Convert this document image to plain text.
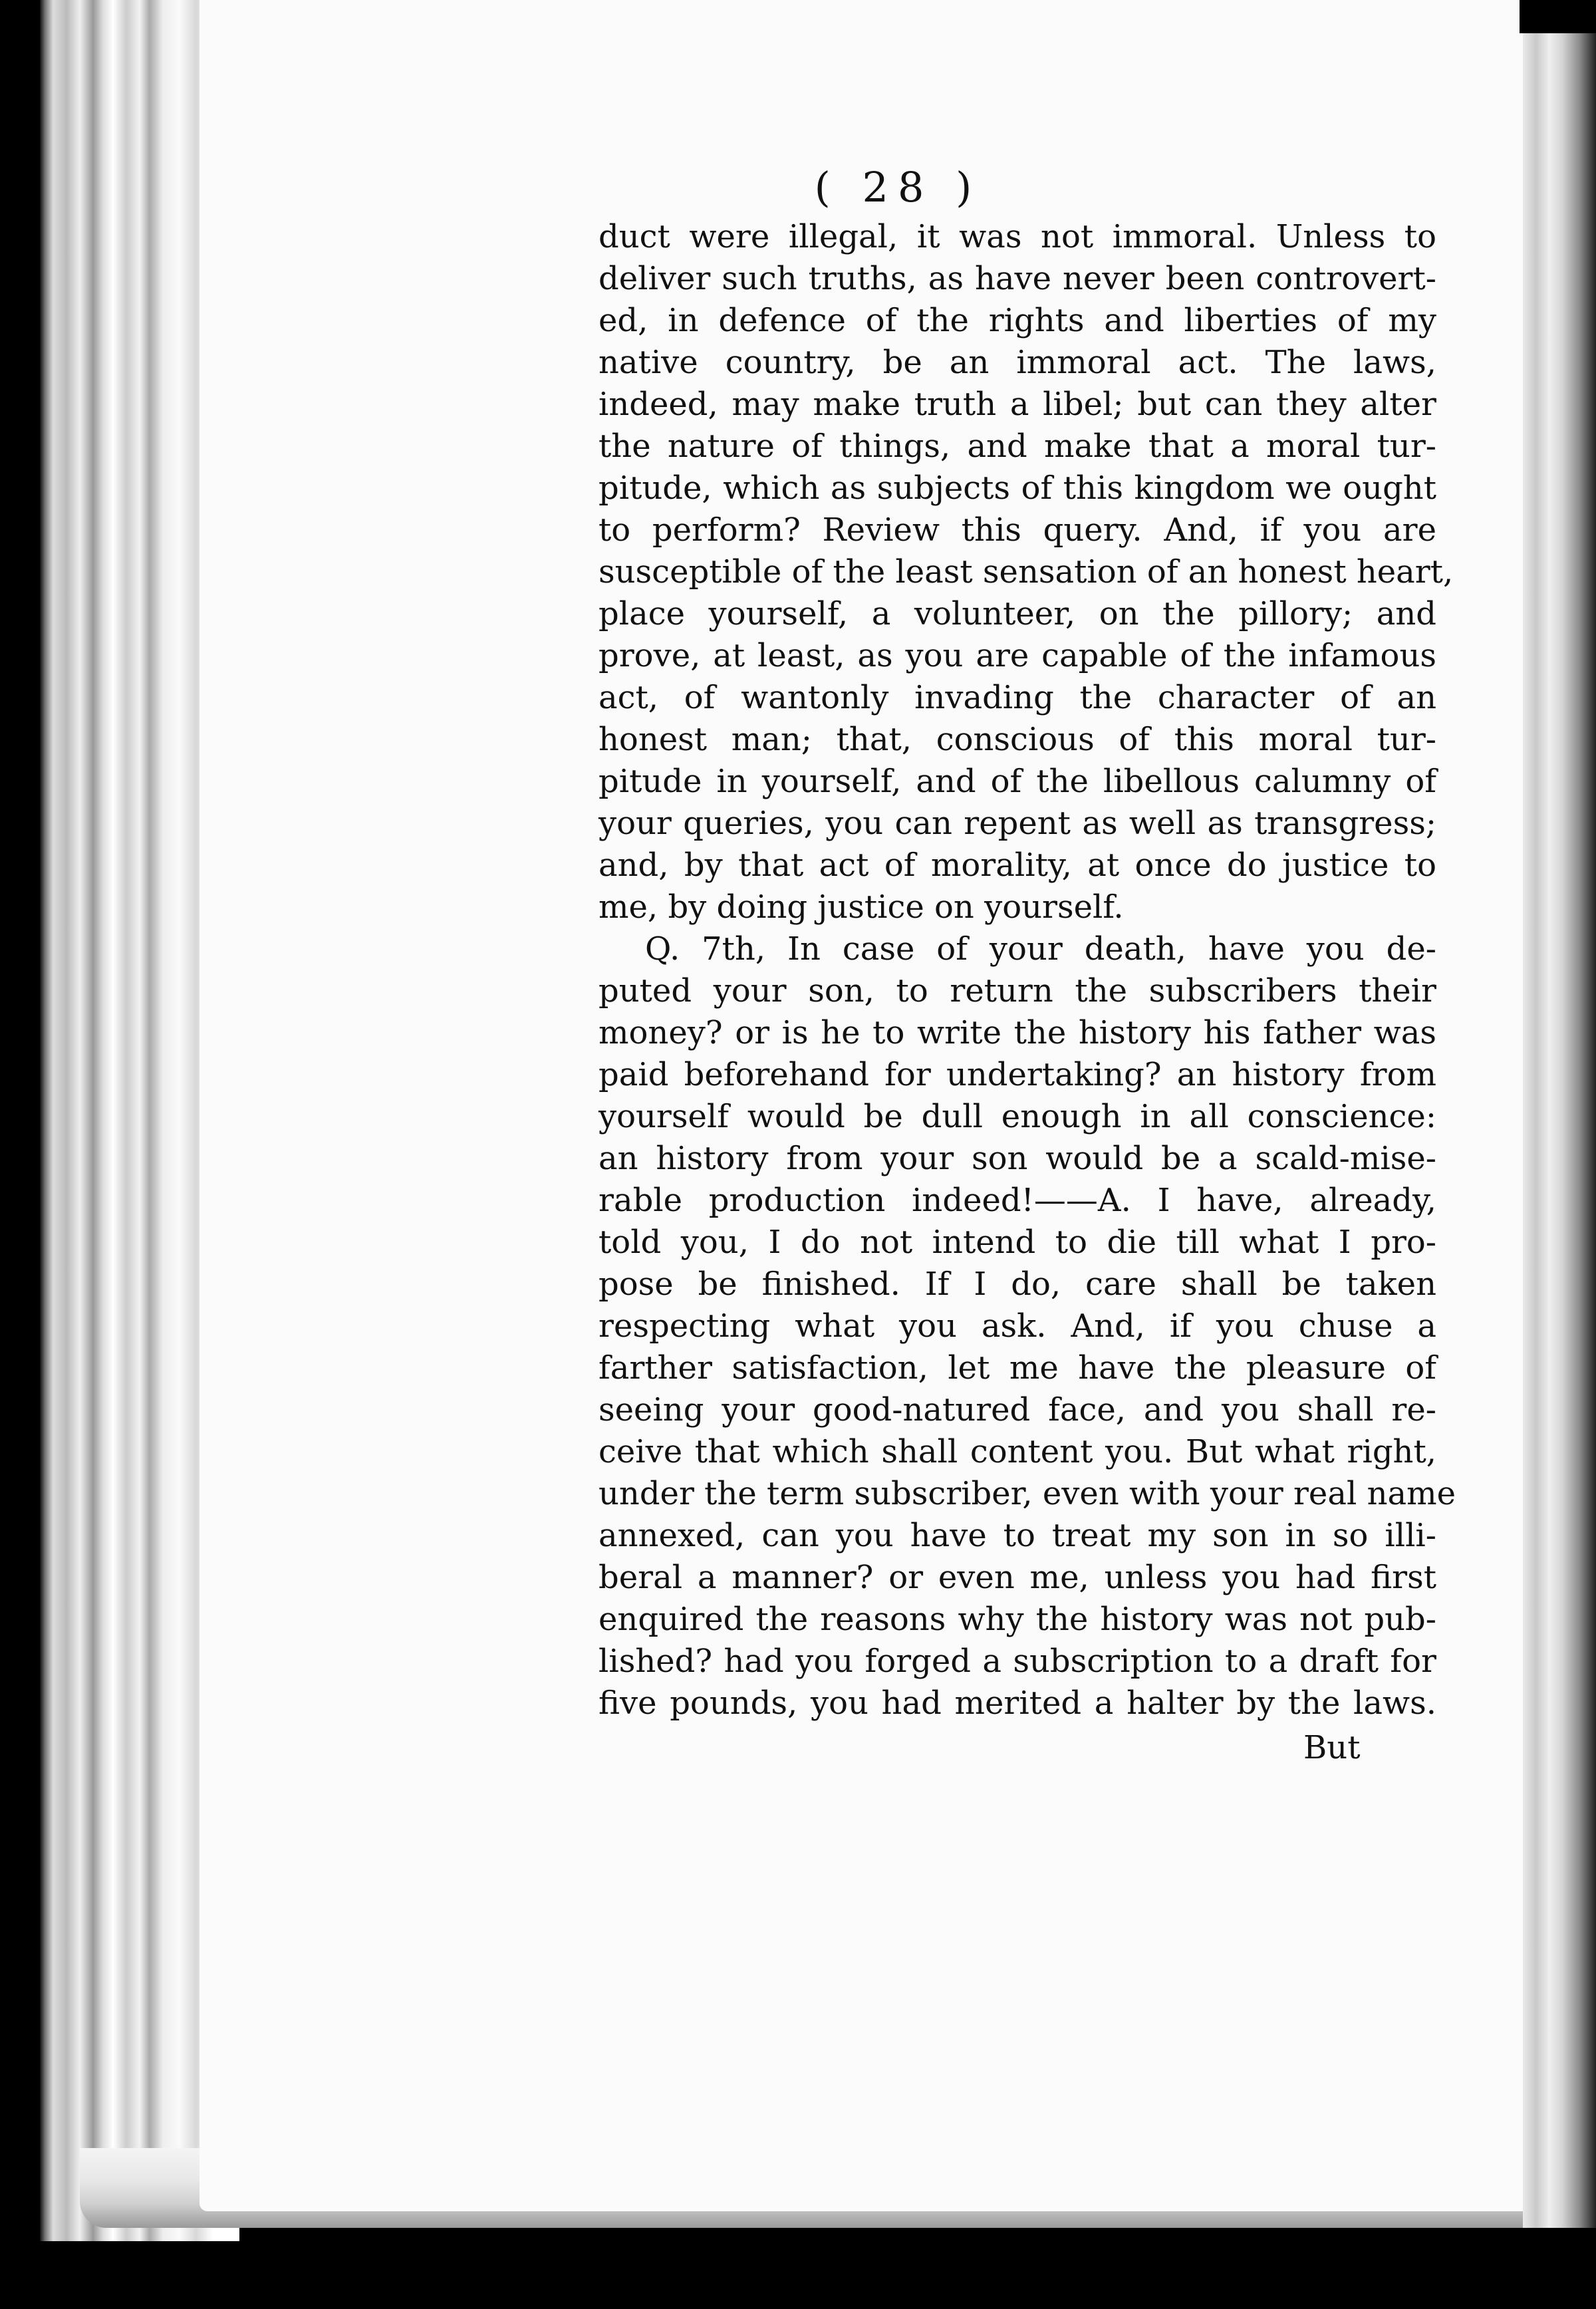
( 28 )
duct were illegal, it was not immoral. Unless to
deliver such truths, as have never been controvert-
ed, in defence of the rights and liberties of my
native country, be an immoral act. The laws,
indeed, may make truth a libel; but can they alter
the nature of things, and make that a moral tur-
pitude, which as subjects of this kingdom we ought
to perform? Review this query. And, if you are
susceptible of the least sensation of an honest heart,
place yourself, a volunteer, on the pillory; and
prove, at least, as you are capable of the infamous
act, of wantonly invading the character of an
honest man; that, conscious of this moral tur-
pitude in yourself, and of the libellous calumny of
your queries, you can repent as well as transgress;
and, by that act of morality, at once do justice to
me, by doing justice on yourself.
Q. 7th, In case of your death, have you de-
puted your son, to return the subscribers their
money? or is he to write the history his father was
paid beforehand for undertaking? an history from
yourself would be dull enough in all conscience:
an history from your son would be a scald-mise-
rable production indeed!——A. I have, already,
told you, I do not intend to die till what I pro-
pose be finished. If I do, care shall be taken
respecting what you ask. And, if you chuse a
farther satisfaction, let me have the pleasure of
seeing your good-natured face, and you shall re-
ceive that which shall content you. But what right,
under the term subscriber, even with your real name
annexed, can you have to treat my son in so illi-
beral a manner? or even me, unless you had first
enquired the reasons why the history was not pub-
lished? had you forged a subscription to a draft for
five pounds, you had merited a halter by the laws.
But
